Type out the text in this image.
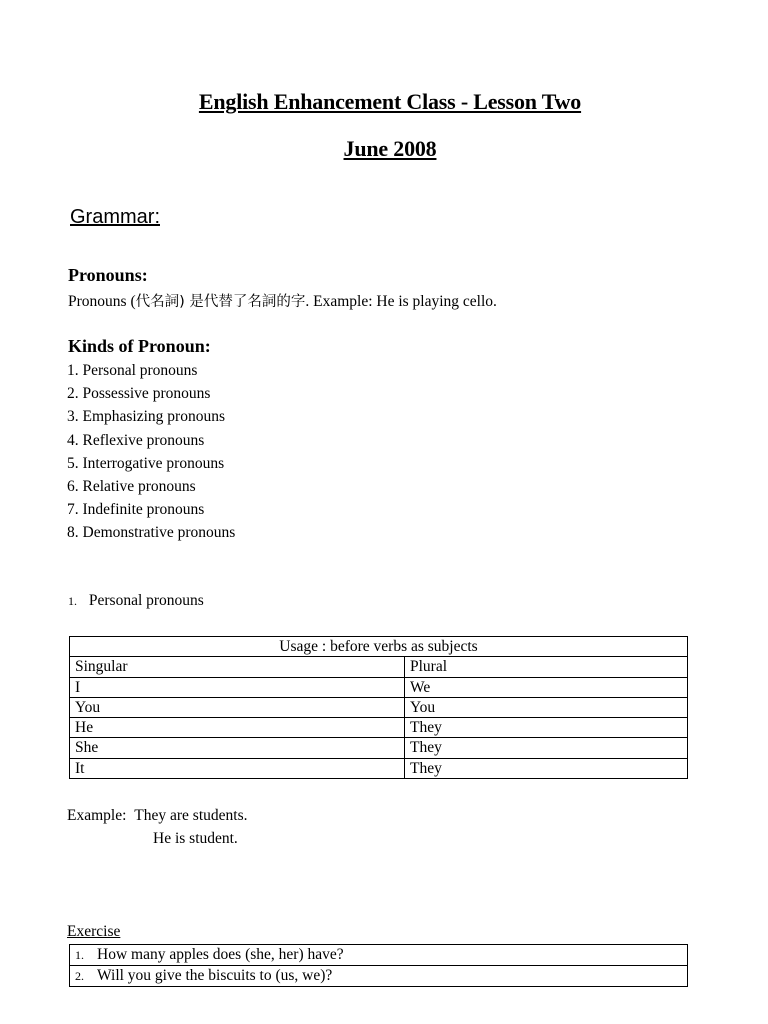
English Enhancement Class - Lesson Two
June 2008
Grammar:
Pronouns:
Pronouns (代名詞) 是代替了名詞的字. Example: He is playing cello.
Kinds of Pronoun:
1. Personal pronouns
2. Possessive pronouns
3. Emphasizing pronouns
4. Reflexive pronouns
5. Interrogative pronouns
6. Relative pronouns
7. Indefinite pronouns
8. Demonstrative pronouns
1. Personal pronouns
Usage : before verbs as subjects	
Singular	Plural
I	We
You	You
He	They
She	They
It	They
Example: They are students.
He is student.
Exercise
1. How many apples does (she, her) have?
2. Will you give the biscuits to (us, we)?
